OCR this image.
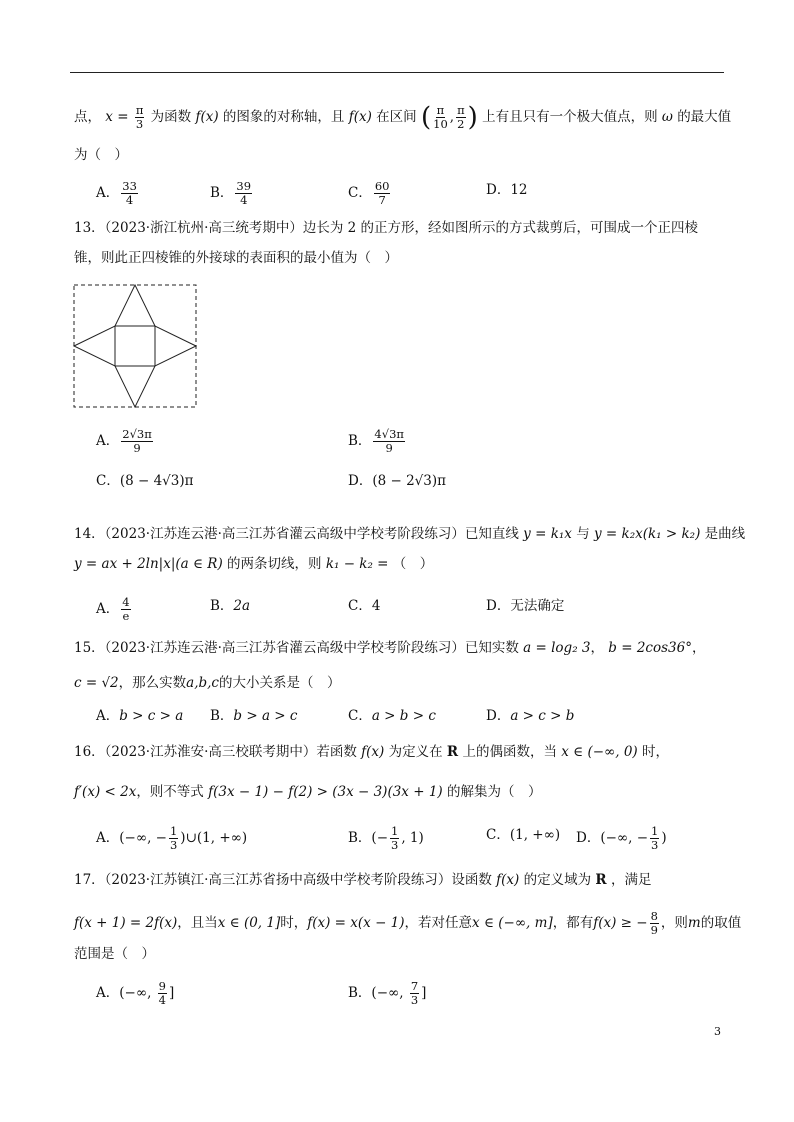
点， $x = \frac{\pi}{3}$ 为函数 f(x) 的图象的对称轴，且 f(x) 在区间 ( $\frac{\pi}{10}$ , $\frac{\pi}{2}$ ) 上有且只有一个极大值点，则 ω 的最大值
为（　）
A． $\frac{33}{4}$	B． $\frac{39}{4}$	C． $\frac{60}{7}$	D．12
13．（2023·浙江杭州·高三统考期中）边长为 2 的正方形，经如图所示的方式裁剪后，可围成一个正四棱
锥，则此正四棱锥的外接球的表面积的最小值为（　）
A． $\frac{2√3\pi}{9}$	B． $\frac{4√3\pi}{9}$
C．(8 − 4√3)π	D．(8 − 2√3)π
14．（2023·江苏连云港·高三江苏省灌云高级中学校考阶段练习）已知直线 y = k₁x 与 y = k₂x(k₁ > k₂) 是曲线
y = ax + 2ln|x|(a ∈ R) 的两条切线，则 k₁ − k₂ = （　）
A． $\frac{4}{e}$	B．2a	C．4	D．无法确定
15．（2023·江苏连云港·高三江苏省灌云高级中学校考阶段练习）已知实数 a = log₂ 3， b = 2cos36°，
c = √2，那么实数a,b,c的大小关系是（　）
A．b > c > a B．b > a > c	C．a > b > c	D．a > c > b
16．（2023·江苏淮安·高三校联考期中）若函数 f(x) 为定义在 R 上的偶函数，当 x ∈ (−∞, 0) 时，
f′(x) < 2x，则不等式 f(3x − 1) − f(2) > (3x − 3)(3x + 1) 的解集为（　）
A．(−∞, − $\frac{1}{3}$ )∪(1, +∞)	B．(− $\frac{1}{3}$ , 1)	C．(1, +∞) D．(−∞, − $\frac{1}{3}$ )
17．（2023·江苏镇江·高三江苏省扬中高级中学校考阶段练习）设函数 f(x) 的定义域为 R ，满足
f(x + 1) = 2f(x)，且当x ∈ (0, 1]时，f(x) = x(x − 1)，若对任意x ∈ (−∞, m]，都有f(x) ≥ − $\frac{8}{9}$ ，则m的取值
范围是（　）
A．(−∞, $\frac{9}{4}$ ]	B．(−∞, $\frac{7}{3}$ ]
3
